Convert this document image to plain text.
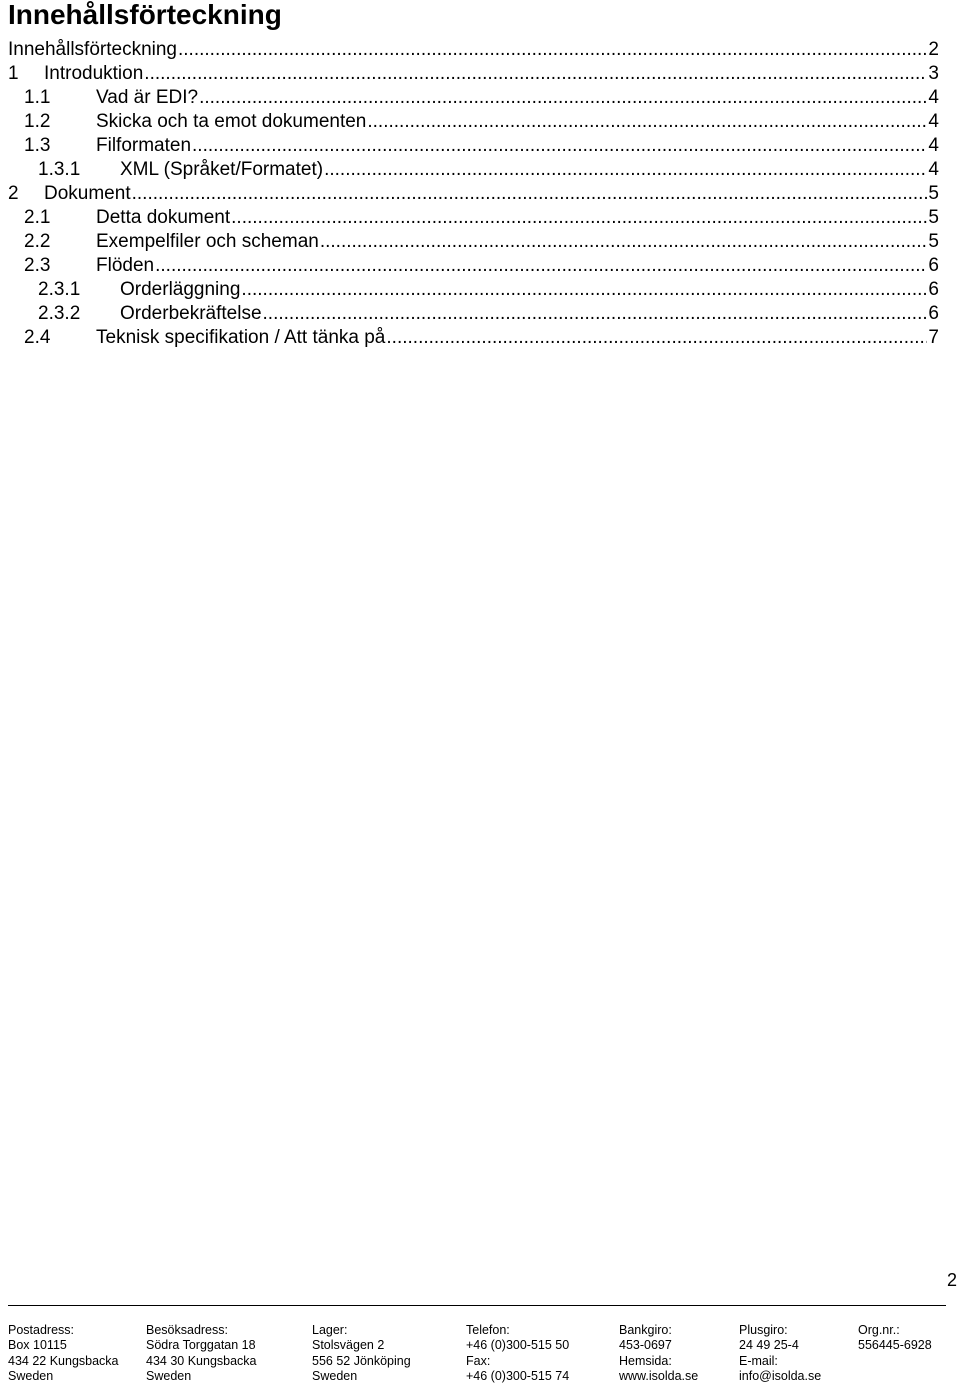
Innehållsförteckning
Innehållsförteckning .....	2
1	Introduktion .....	3
1.1	Vad är EDI? .....	4
1.2	Skicka och ta emot dokumenten .....	4
1.3	Filformaten .....	4
1.3.1	XML (Språket/Formatet) .....	4
2	Dokument .....	5
2.1	Detta dokument .....	5
2.2	Exempelfiler och scheman .....	5
2.3	Flöden .....	6
2.3.1	Orderläggning .....	6
2.3.2	Orderbekräftelse .....	6
2.4	Teknisk specifikation / Att tänka på .....	7
2
Postadress:
Box 10115
434 22 Kungsbacka
Sweden
Besöksadress:
Södra Torggatan 18
434 30 Kungsbacka
Sweden
Lager:
Stolsvägen 2
556 52 Jönköping
Sweden
Telefon:
+46 (0)300-515 50
Fax:
+46 (0)300-515 74
Bankgiro:
453-0697
Hemsida:
www.isolda.se
Plusgiro:
24 49 25-4
E-mail:
info@isolda.se
Org.nr.:
556445-6928
